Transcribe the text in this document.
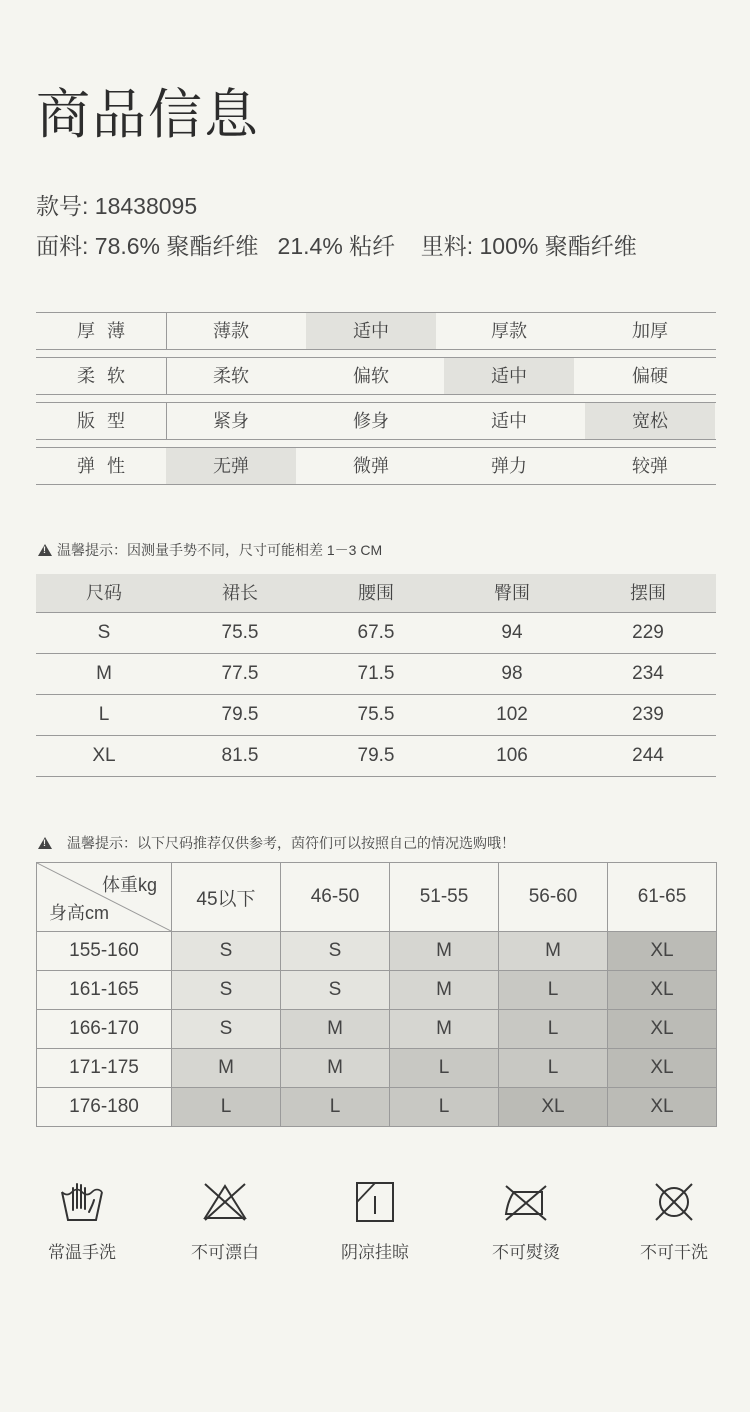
商品信息
款号: 18438095
面料: 78.6% 聚酯纤维   21.4% 粘纤    里料: 100% 聚酯纤维
厚薄	薄款	适中	厚款	加厚
柔软	柔软	偏软	适中	偏硬
版型	紧身	修身	适中	宽松
弹性	无弹	微弹	弹力	较弹
!
温馨提示：因测量手势不同，尺寸可能相差 1－3 CM
尺码	裙长	腰围	臀围	摆围
S	75.5	67.5	94	229
M	77.5	71.5	98	234
L	79.5	75.5	102	239
XL	81.5	79.5	106	244
!
温馨提示：以下尺码推荐仅供参考，茵符们可以按照自己的情况选购哦！
体重kg
身高cm	45以下	46-50	51-55	56-60	61-65
155-160	S	S	M	M	XL
161-165	S	S	M	L	XL
166-170	S	M	M	L	XL
171-175	M	M	L	L	XL
176-180	L	L	L	XL	XL
常温手洗	不可漂白	阴凉挂晾	不可熨烫	不可干洗
